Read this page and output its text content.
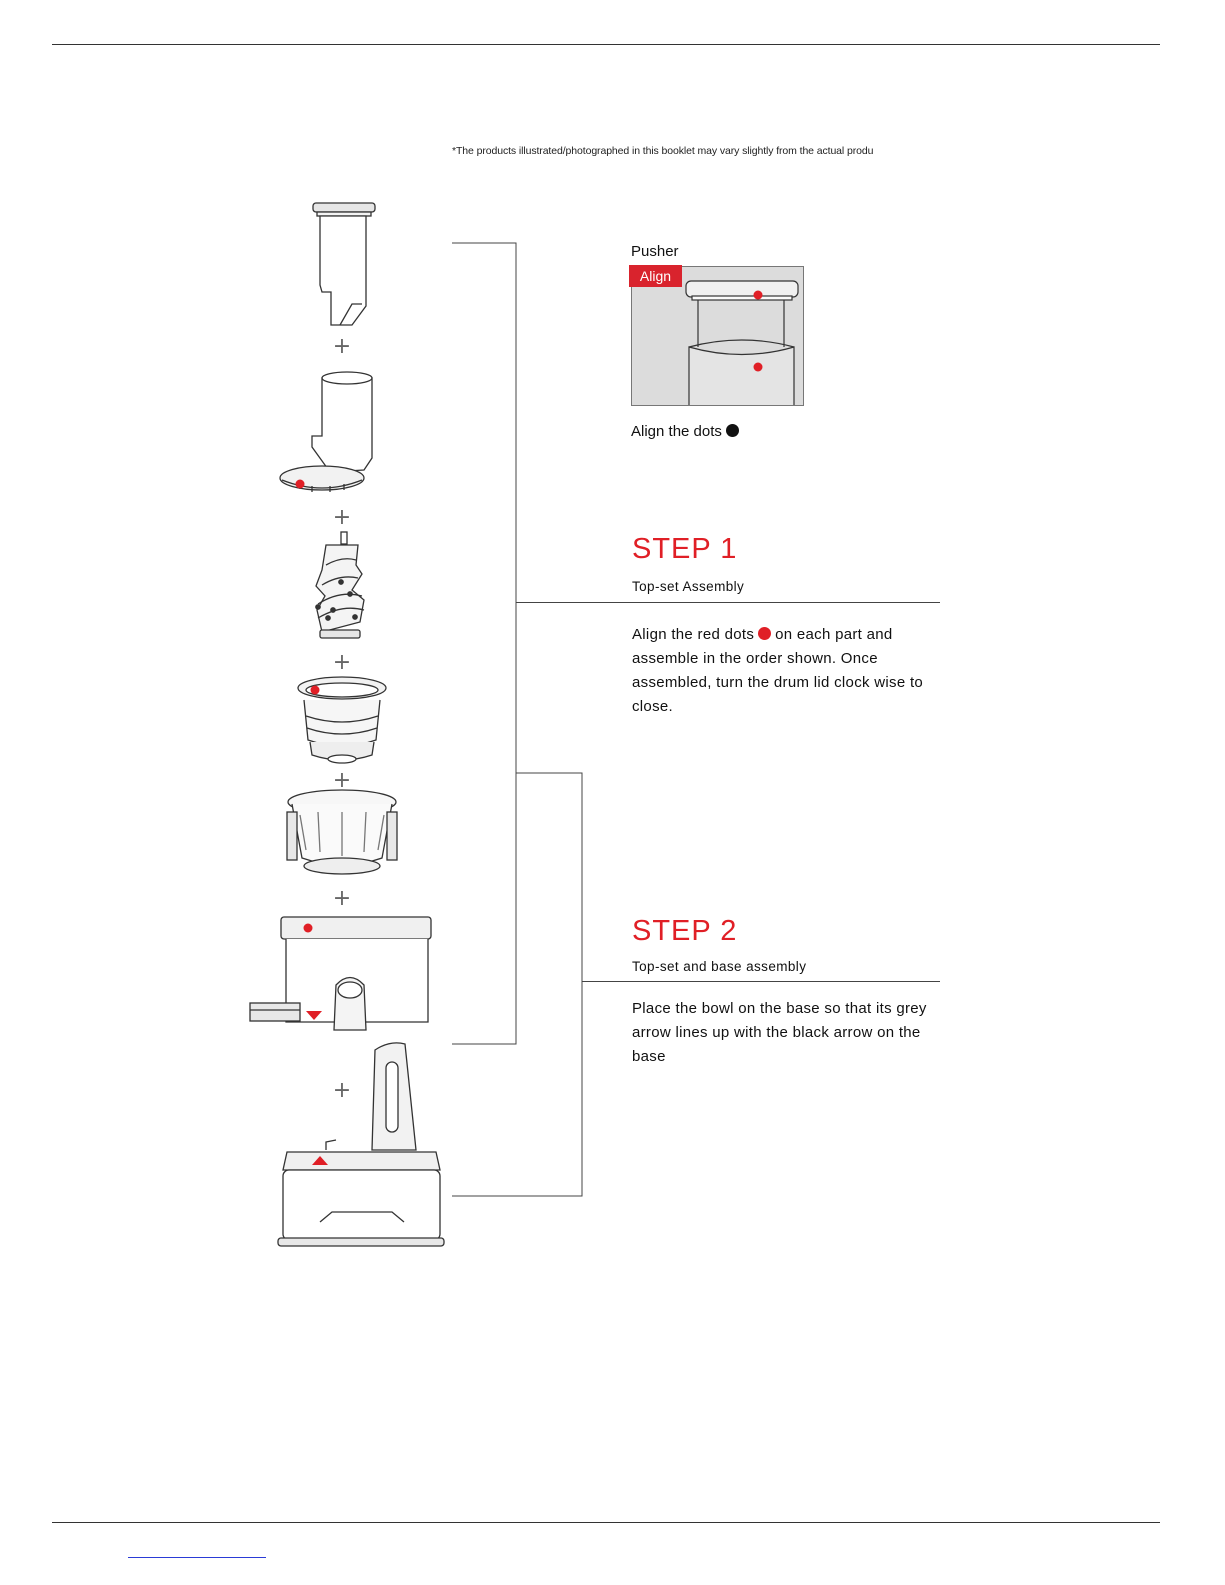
*The products illustrated/photographed in this booklet may vary slightly from the actual produ
+
+
+
+
+
+
Pusher
Align
Align the dots
STEP 1
Top-set Assembly

Align the red dots on each part and assemble in the order shown. Once assembled, turn the drum lid clock wise to close.

STEP 2
Top-set and base assembly

Place the bowl on the base so that its grey arrow lines up with the black arrow on the base
